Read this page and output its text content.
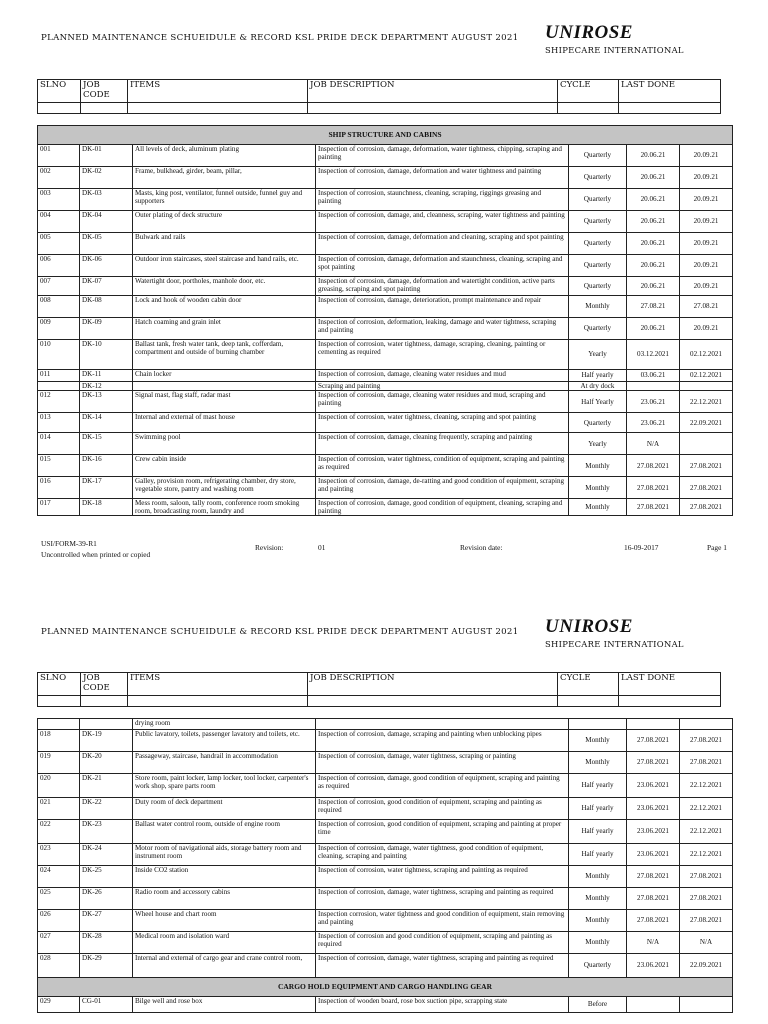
PLANNED MAINTENANCE SCHUEIDULE & RECORD KSL PRIDE DECK DEPARTMENT AUGUST 2021 UNIROSE
SHIPECARE INTERNATIONAL
SLNO	JOB CODE	ITEMS	JOB DESCRIPTION	CYCLE	LAST DONE

SHIP STRUCTURE AND CABINS						
001	DK-01	All levels of deck, aluminum plating	Inspection of corrosion, damage, deformation, water tightness, chipping, scraping and painting	Quarterly	20.06.21	20.09.21
002	DK-02	Frame, bulkhead, girder, beam, pillar,	Inspection of corrosion, damage, deformation and water tightness and painting	Quarterly	20.06.21	20.09.21
003	DK-03	Masts, king post, ventilator, funnel outside, funnel guy and supporters	Inspection of corrosion, staunchness, cleaning, scraping, riggings greasing and painting	Quarterly	20.06.21	20.09.21
004	DK-04	Outer plating of deck structure	Inspection of corrosion, damage, and, cleanness, scraping, water tightness and painting	Quarterly	20.06.21	20.09.21
005	DK-05	Bulwark and rails	Inspection of corrosion, damage, deformation and cleaning, scraping and spot painting	Quarterly	20.06.21	20.09.21
006	DK-06	Outdoor iron staircases, steel staircase and hand rails, etc.	Inspection of corrosion, damage, deformation and staunchness, cleaning, scraping and spot painting	Quarterly	20.06.21	20.09.21
007	DK-07	Watertight door, portholes, manhole door, etc.	Inspection of corrosion, damage, deformation and watertight condition, active parts greasing, scraping and spot painting	Quarterly	20.06.21	20.09.21
008	DK-08	Lock and hook of wooden cabin door	Inspection of corrosion, damage, deterioration, prompt maintenance and repair	Monthly	27.08.21	27.08.21
009	DK-09	Hatch coaming and grain inlet	Inspection of corrosion, deformation, leaking, damage and water tightness, scraping and painting	Quarterly	20.06.21	20.09.21
010	DK-10	Ballast tank, fresh water tank, deep tank, cofferdam, compartment and outside of burning chamber	Inspection of corrosion, water tightness, damage, scraping, cleaning, painting or cementing as required	Yearly	03.12.2021	02.12.2021
011	DK-11	Chain locker	Inspection of corrosion, damage, cleaning water residues and mud	Half yearly	03.06.21	02.12.2021
	DK-12		Scraping and painting	At dry dock		
012	DK-13	Signal mast, flag staff, radar mast	Inspection of corrosion, damage, cleaning water residues and mud, scraping and painting	Half Yearly	23.06.21	22.12.2021
013	DK-14	Internal and external of mast house	Inspection of corrosion, water tightness, cleaning, scraping and spot painting	Quarterly	23.06.21	22.09.2021
014	DK-15	Swimming pool	Inspection of corrosion, damage, cleaning frequently, scraping and painting	Yearly	N/A	
015	DK-16	Crew cabin inside	Inspection of corrosion, water tightness, condition of equipment, scraping and painting as required	Monthly	27.08.2021	27.08.2021
016	DK-17	Galley, provision room, refrigerating chamber, dry store, vegetable store, pantry and washing room	Inspection of corrosion, damage, de-ratting and good condition of equipment, scraping and painting	Monthly	27.08.2021	27.08.2021
017	DK-18	Mess room, saloon, tally room, conference room smoking room, broadcasting room, laundry and	Inspection of corrosion, damage, good condition of equipment, cleaning, scraping and painting	Monthly	27.08.2021	27.08.2021
USI/FORM-39-R1
Uncontrolled when printed or copied
Revision:	01	Revision date:	16-09-2017	Page 1
PLANNED MAINTENANCE SCHUEIDULE & RECORD KSL PRIDE DECK DEPARTMENT AUGUST 2021 UNIROSE
SHIPECARE INTERNATIONAL
SLNO	JOB CODE	ITEMS	JOB DESCRIPTION	CYCLE	LAST DONE

		drying room				
018	DK-19	Public lavatory, toilets, passenger lavatory and toilets, etc.	Inspection of corrosion, damage, scraping and painting when unblocking pipes	Monthly	27.08.2021	27.08.2021
019	DK-20	Passageway, staircase, handrail in accommodation	Inspection of corrosion, damage, water tightness, scraping or painting	Monthly	27.08.2021	27.08.2021
020	DK-21	Store room, paint locker, lamp locker, tool locker, carpenter's work shop, spare parts room	Inspection of corrosion, damage, good condition of equipment, scraping and painting as required	Half yearly	23.06.2021	22.12.2021
021	DK-22	Duty room of deck department	Inspection of corrosion, good condition of equipment, scraping and painting as required	Half yearly	23.06.2021	22.12.2021
022	DK-23	Ballast water control room, outside of engine room	Inspection of corrosion, good condition of equipment, scraping and painting at proper time	Half yearly	23.06.2021	22.12.2021
023	DK-24	Motor room of navigational aids, storage battery room and instrument room	Inspection of corrosion, damage, water tightness, good condition of equipment, cleaning, scraping and painting	Half yearly	23.06.2021	22.12.2021
024	DK-25	Inside CO2 station	Inspection of corrosion, water tightness, scraping and painting as required	Monthly	27.08.2021	27.08.2021
025	DK-26	Radio room and accessory cabins	Inspection of corrosion, damage, water tightness, scraping and painting as required	Monthly	27.08.2021	27.08.2021
026	DK-27	Wheel house and chart room	Inspection corrosion, water tightness and good condition of equipment, stain removing and painting	Monthly	27.08.2021	27.08.2021
027	DK-28	Medical room and isolation ward	Inspection of corrosion and good condition of equipment, scraping and painting as required	Monthly	N/A	N/A
028	DK-29	Internal and external of cargo gear and crane control room,	Inspection of corrosion, damage, water tightness, scraping and painting as required	Quarterly	23.06.2021	22.09.2021
CARGO HOLD EQUIPMENT AND CARGO HANDLING GEAR						
029	CG-01	Bilge well and rose box	Inspection of wooden board, rose box suction pipe, scrapping state	Before		
